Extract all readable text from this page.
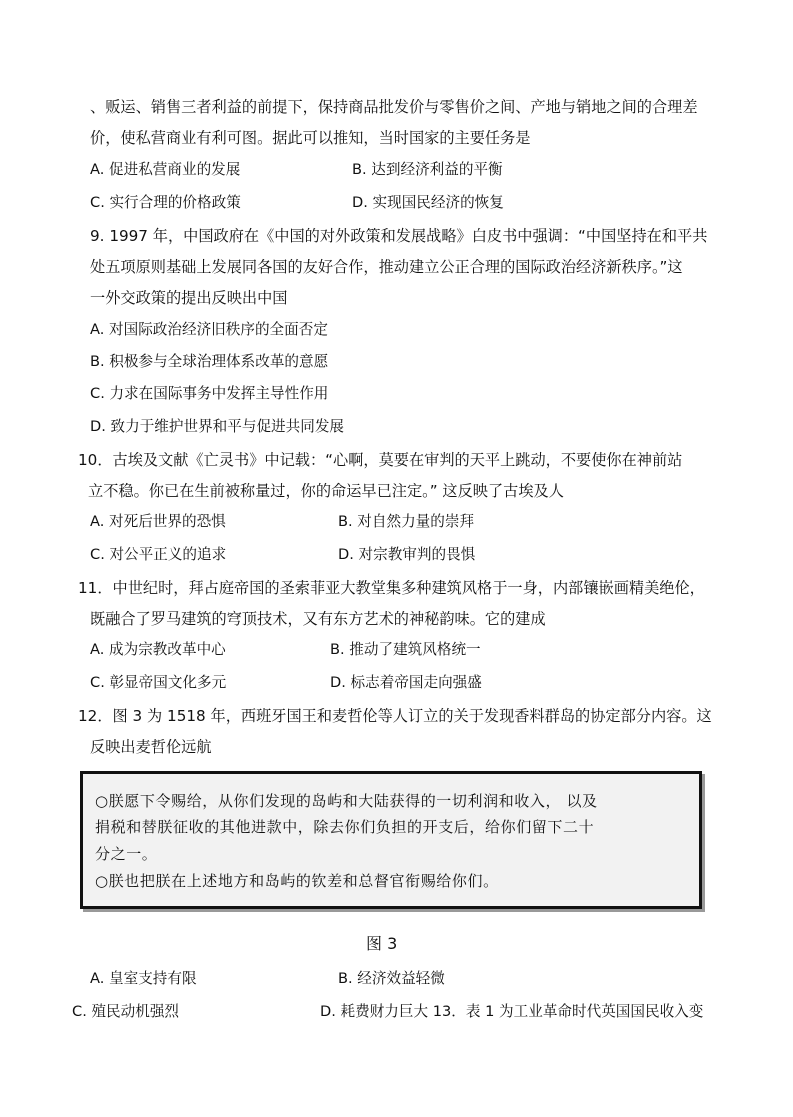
、贩运、销售三者利益的前提下，保持商品批发价与零售价之间、产地与销地之间的合理差
价，使私营商业有利可图。据此可以推知，当时国家的主要任务是
A. 促进私营商业的发展	B. 达到经济利益的平衡
C. 实行合理的价格政策	D. 实现国民经济的恢复
9. 1997 年，中国政府在《中国的对外政策和发展战略》白皮书中强调：“中国坚持在和平共
处五项原则基础上发展同各国的友好合作，推动建立公正合理的国际政治经济新秩序。”这
一外交政策的提出反映出中国
A. 对国际政治经济旧秩序的全面否定
B. 积极参与全球治理体系改革的意愿
C. 力求在国际事务中发挥主导性作用
D. 致力于维护世界和平与促进共同发展
10．古埃及文献《亡灵书》中记载：“心啊，莫要在审判的天平上跳动，不要使你在神前站
立不稳。你已在生前被称量过，你的命运早已注定。” 这反映了古埃及人
A. 对死后世界的恐惧	B. 对自然力量的崇拜
C. 对公平正义的追求	D. 对宗教审判的畏惧
11．中世纪时，拜占庭帝国的圣索菲亚大教堂集多种建筑风格于一身，内部镶嵌画精美绝伦，
既融合了罗马建筑的穹顶技术，又有东方艺术的神秘韵味。它的建成
A. 成为宗教改革中心	B. 推动了建筑风格统一
C. 彰显帝国文化多元	D. 标志着帝国走向强盛
12．图 3 为 1518 年，西班牙国王和麦哲伦等人订立的关于发现香料群岛的协定部分内容。这
反映出麦哲伦远航
○朕愿下令赐给，从你们发现的岛屿和大陆获得的一切利润和收入， 以及
捐税和替朕征收的其他进款中，除去你们负担的开支后，给你们留下二十
分之一。
○朕也把朕在上述地方和岛屿的钦差和总督官衔赐给你们。
图 3
A. 皇室支持有限	B. 经济效益轻微
C. 殖民动机强烈	D. 耗费财力巨大 13．表 1 为工业革命时代英国国民收入变
